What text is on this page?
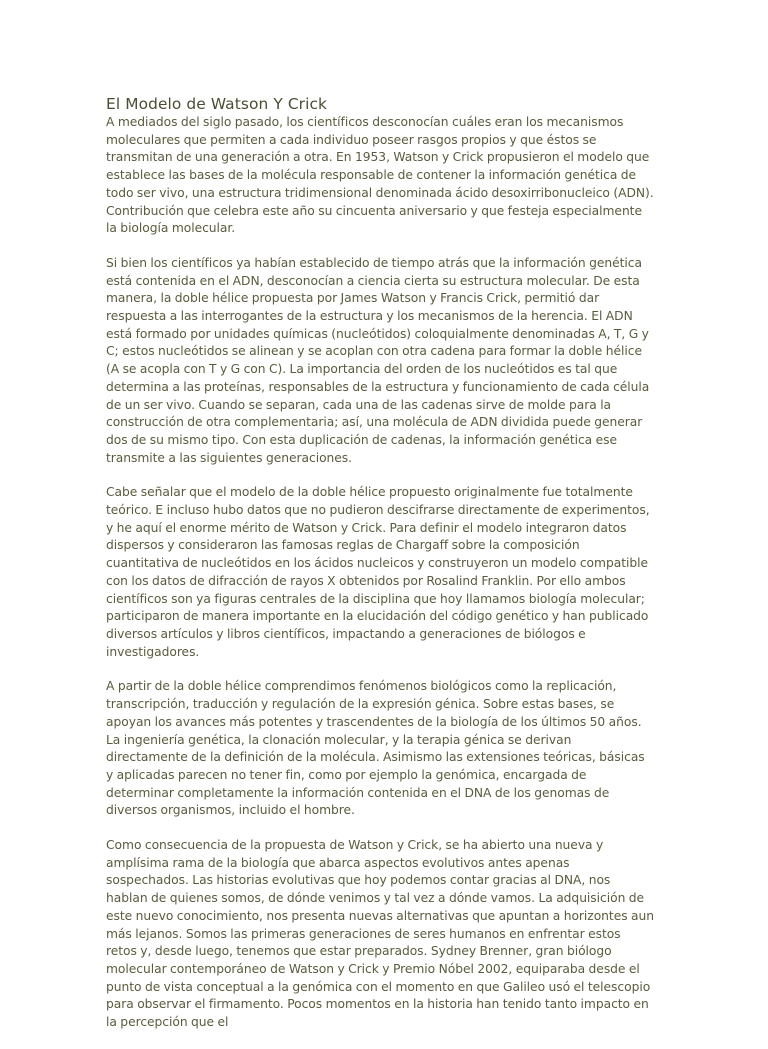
El Modelo de Watson Y Crick

A mediados del siglo pasado, los científicos desconocían cuáles eran los mecanismos moleculares que permiten a cada individuo poseer rasgos propios y que éstos se transmitan de una generación a otra. En 1953, Watson y Crick propusieron el modelo que establece las bases de la molécula responsable de contener la información genética de todo ser vivo, una estructura tridimensional denominada ácido desoxirribonucleico (ADN). Contribución que celebra este año su cincuenta aniversario y que festeja especialmente la biología molecular.

Si bien los científicos ya habían establecido de tiempo atrás que la información genética está contenida en el ADN, desconocían a ciencia cierta su estructura molecular. De esta manera, la doble hélice propuesta por James Watson y Francis Crick, permitió dar respuesta a las interrogantes de la estructura y los mecanismos de la herencia. El ADN está formado por unidades químicas (nucleótidos) coloquialmente denominadas A, T, G y C; estos nucleótidos se alinean y se acoplan con otra cadena para formar la doble hélice (A se acopla con T y G con C). La importancia del orden de los nucleótidos es tal que determina a las proteínas, responsables de la estructura y funcionamiento de cada célula de un ser vivo. Cuando se separan, cada una de las cadenas sirve de molde para la construcción de otra complementaria; así, una molécula de ADN dividida puede generar dos de su mismo tipo. Con esta duplicación de cadenas, la información genética ese transmite a las siguientes generaciones.

Cabe señalar que el modelo de la doble hélice propuesto originalmente fue totalmente teórico. E incluso hubo datos que no pudieron descifrarse directamente de experimentos, y he aquí el enorme mérito de Watson y Crick. Para definir el modelo integraron datos dispersos y consideraron las famosas reglas de Chargaff sobre la composición cuantitativa de nucleótidos en los ácidos nucleicos y construyeron un modelo compatible con los datos de difracción de rayos X obtenidos por Rosalind Franklin. Por ello ambos científicos son ya figuras centrales de la disciplina que hoy llamamos biología molecular; participaron de manera importante en la elucidación del código genético y han publicado diversos artículos y libros científicos, impactando a generaciones de biólogos e investigadores.

A partir de la doble hélice comprendimos fenómenos biológicos como la replicación, transcripción, traducción y regulación de la expresión génica. Sobre estas bases, se apoyan los avances más potentes y trascendentes de la biología de los últimos 50 años. La ingeniería genética, la clonación molecular, y la terapia génica se derivan directamente de la definición de la molécula. Asimismo las extensiones teóricas, básicas y aplicadas parecen no tener fin, como por ejemplo la genómica, encargada de determinar completamente la información contenida en el DNA de los genomas de diversos organismos, incluido el hombre.

Como consecuencia de la propuesta de Watson y Crick, se ha abierto una nueva y amplísima rama de la biología que abarca aspectos evolutivos antes apenas sospechados. Las historias evolutivas que hoy podemos contar gracias al DNA, nos hablan de quienes somos, de dónde venimos y tal vez a dónde vamos. La adquisición de este nuevo conocimiento, nos presenta nuevas alternativas que apuntan a horizontes aun más lejanos. Somos las primeras generaciones de seres humanos en enfrentar estos retos y, desde luego, tenemos que estar preparados. Sydney Brenner, gran biólogo molecular contemporáneo de Watson y Crick y Premio Nóbel 2002, equiparaba desde el punto de vista conceptual a la genómica con el momento en que Galileo usó el telescopio para observar el firmamento. Pocos momentos en la historia han tenido tanto impacto en la percepción que el
